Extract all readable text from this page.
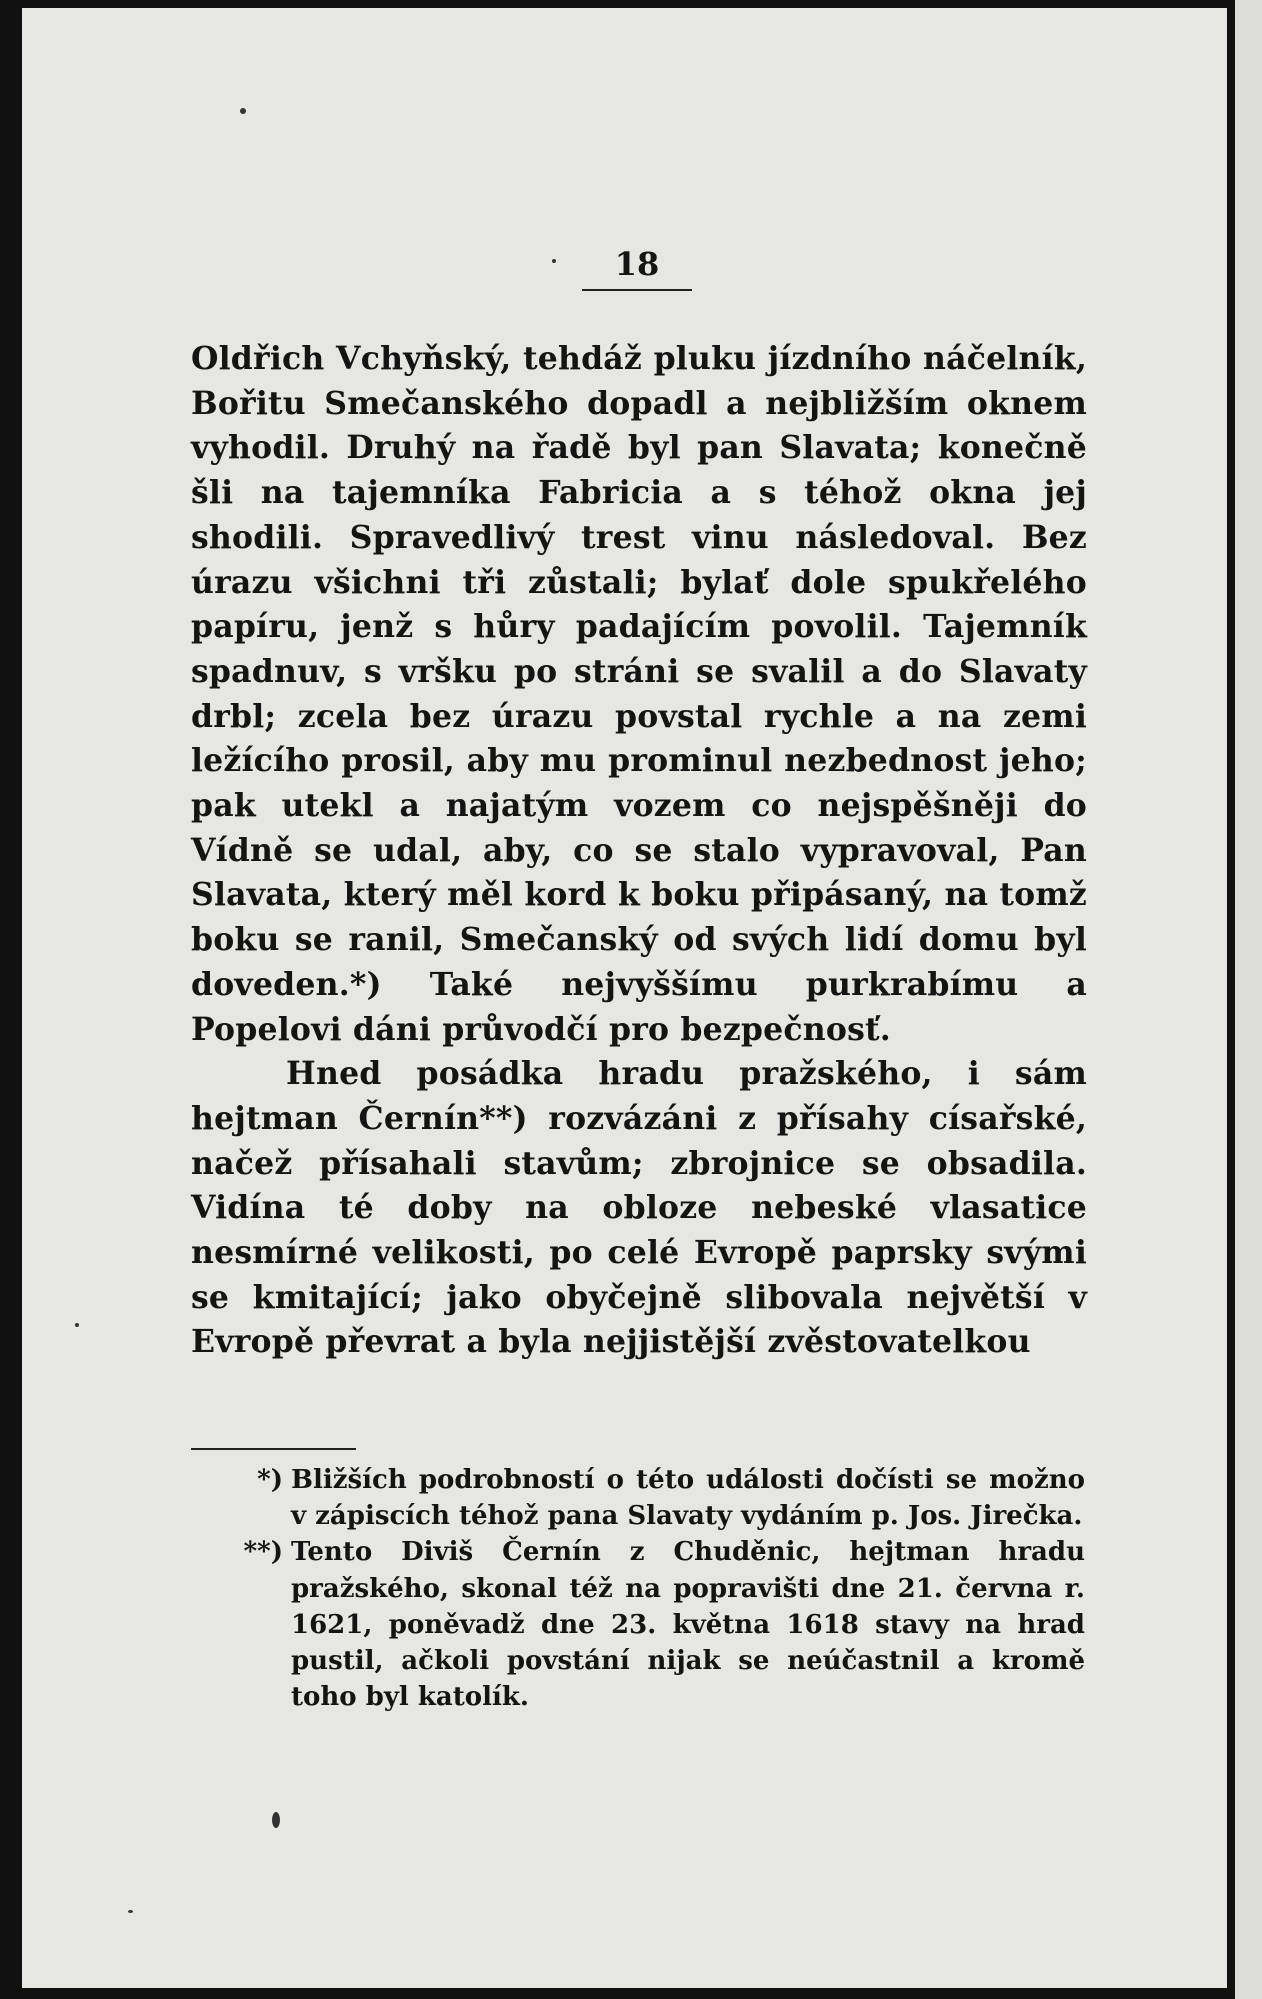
18

Oldřich Vchyňský, tehdáž pluku jízdního náčelník, Bořitu Smečanského dopadl a nejbližším oknem vyhodil. Druhý na řadě byl pan Slavata; konečně šli na tajemníka Fabricia a s téhož okna jej shodili. Spravedlivý trest vinu následoval. Bez úrazu všichni tři zůstali; bylať dole spukřelého papíru, jenž s hůry padajícím povolil. Tajemník spadnuv, s vršku po stráni se svalil a do Slavaty drbl; zcela bez úrazu povstal rychle a na zemi ležícího prosil, aby mu prominul nezbednost jeho; pak utekl a najatým vozem co nejspěšněji do Vídně se udal, aby, co se stalo vypravoval, Pan Slavata, který měl kord k boku připásaný, na tomž boku se ranil, Smečanský od svých lidí domu byl doveden.*) Také nejvyššímu purkrabímu a Popelovi dáni průvodčí pro bezpečnosť.

Hned posádka hradu pražského, i sám hejtman Černín**) rozvázáni z přísahy císařské, načež přísahali stavům; zbrojnice se obsadila. Vidína té doby na obloze nebeské vlasatice nesmírné velikosti, po celé Evropě paprsky svými se kmitající; jako obyčejně slibovala největší v Evropě převrat a byla nejjistější zvěstovatelkou

*) Bližších podrobností o této události dočísti se možno v zápiscích téhož pana Slavaty vydáním p. Jos. Jirečka.
**) Tento Diviš Černín z Chuděnic, hejtman hradu pražského, skonal též na popravišti dne 21. června r. 1621, poněvadž dne 23. května 1618 stavy na hrad pustil, ačkoli povstání nijak se neúčastnil a kromě toho byl katolík.
